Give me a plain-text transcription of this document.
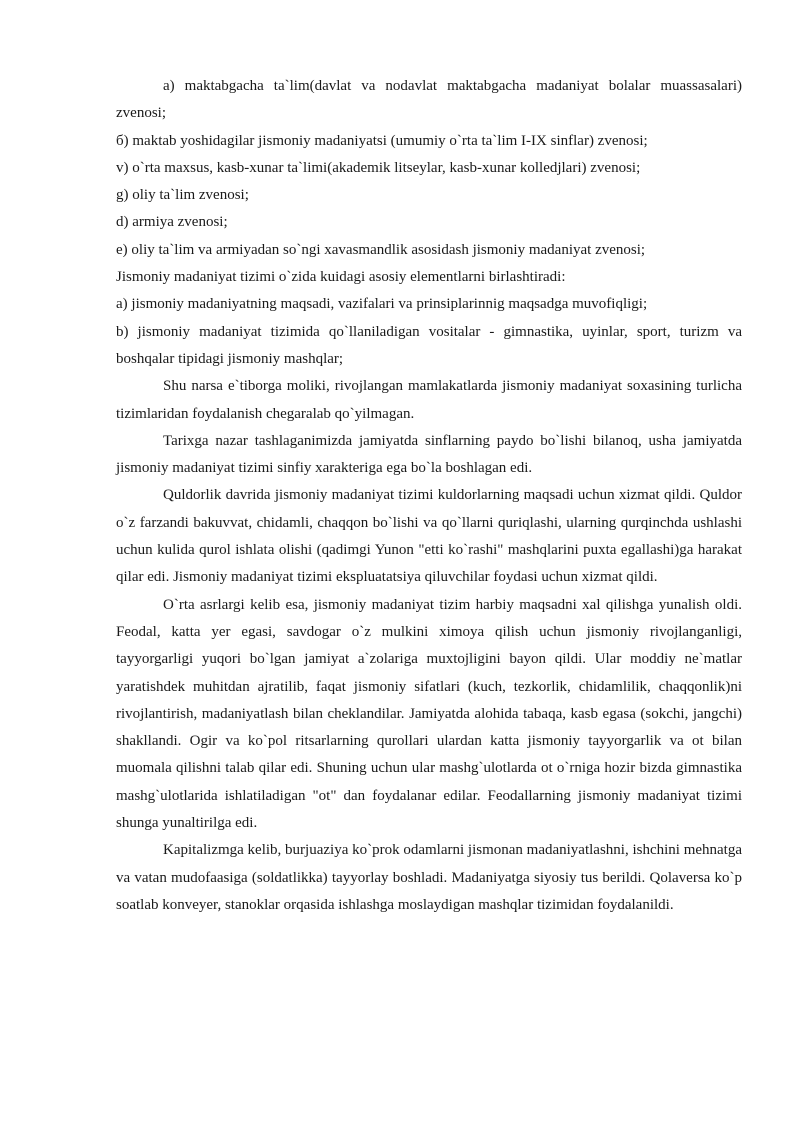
a) maktabgacha ta`lim(davlat va nodavlat maktabgacha madaniyat bolalar muassasalari) zvenosi;

б) maktab yoshidagilar jismoniy madaniyatsi (umumiy o`rta ta`lim I-IX sinflar) zvenosi;

v) o`rta maxsus, kasb-xunar ta`limi(akademik litseylar, kasb-xunar kolledjlari) zvenosi;

g) oliy ta`lim zvenosi;

d) armiya zvenosi;

e) oliy ta`lim va armiyadan so`ngi xavasmandlik asosidash jismoniy madaniyat zvenosi;

Jismoniy madaniyat tizimi o`zida kuidagi asosiy elementlarni birlashtiradi:

a) jismoniy madaniyatning maqsadi, vazifalari va prinsiplarinnig maqsadga muvofiqligi;

b) jismoniy madaniyat tizimida qo`llaniladigan vositalar - gimnastika, uyinlar, sport, turizm va boshqalar tipidagi jismoniy mashqlar;

Shu narsa e`tiborga moliki, rivojlangan mamlakatlarda jismoniy madaniyat soxasining turlicha tizimlaridan foydalanish chegaralab qo`yilmagan.

Tarixga nazar tashlaganimizda jamiyatda sinflarning paydo bo`lishi bilanoq, usha jamiyatda jismoniy madaniyat tizimi sinfiy xarakteriga ega bo`la boshlagan edi.

Quldorlik davrida jismoniy madaniyat tizimi kuldorlarning maqsadi uchun xizmat qildi. Quldor o`z farzandi bakuvvat, chidamli, chaqqon bo`lishi va qo`llarni quriqlashi, ularning qurqinchda ushlashi uchun kulida qurol ishlata olishi (qadimgi Yunon "etti ko`rashi" mashqlarini puxta egallashi)ga harakat qilar edi. Jismoniy madaniyat tizimi ekspluatatsiya qiluvchilar foydasi uchun xizmat qildi.

O`rta asrlargi kelib esa, jismoniy madaniyat tizim harbiy maqsadni xal qilishga yunalish oldi. Feodal, katta yer egasi, savdogar o`z mulkini ximoya qilish uchun jismoniy rivojlanganligi, tayyorgarligi yuqori bo`lgan jamiyat a`zolariga muxtojligini bayon qildi. Ular moddiy ne`matlar yaratishdek muhitdan ajratilib, faqat jismoniy sifatlari (kuch, tezkorlik, chidamlilik, chaqqonlik)ni rivojlantirish, madaniyatlash bilan cheklandilar. Jamiyatda alohida tabaqa, kasb egasa (sokchi, jangchi) shakllandi. Ogir va ko`pol ritsarlarning qurollari ulardan katta jismoniy tayyorgarlik va ot bilan muomala qilishni talab qilar edi. Shuning uchun ular mashg`ulotlarda ot o`rniga hozir bizda gimnastika mashg`ulotlarida ishlatiladigan "ot" dan foydalanar edilar. Feodallarning jismoniy madaniyat tizimi shunga yunaltirilga edi.

Kapitalizmga kelib, burjuaziya ko`prok odamlarni jismonan madaniyatlashni, ishchini mehnatga va vatan mudofaasiga (soldatlikka) tayyorlay boshladi. Madaniyatga siyosiy tus berildi. Qolaversa ko`p soatlab konveyer, stanoklar orqasida ishlashga moslaydigan mashqlar tizimidan foydalanildi.
